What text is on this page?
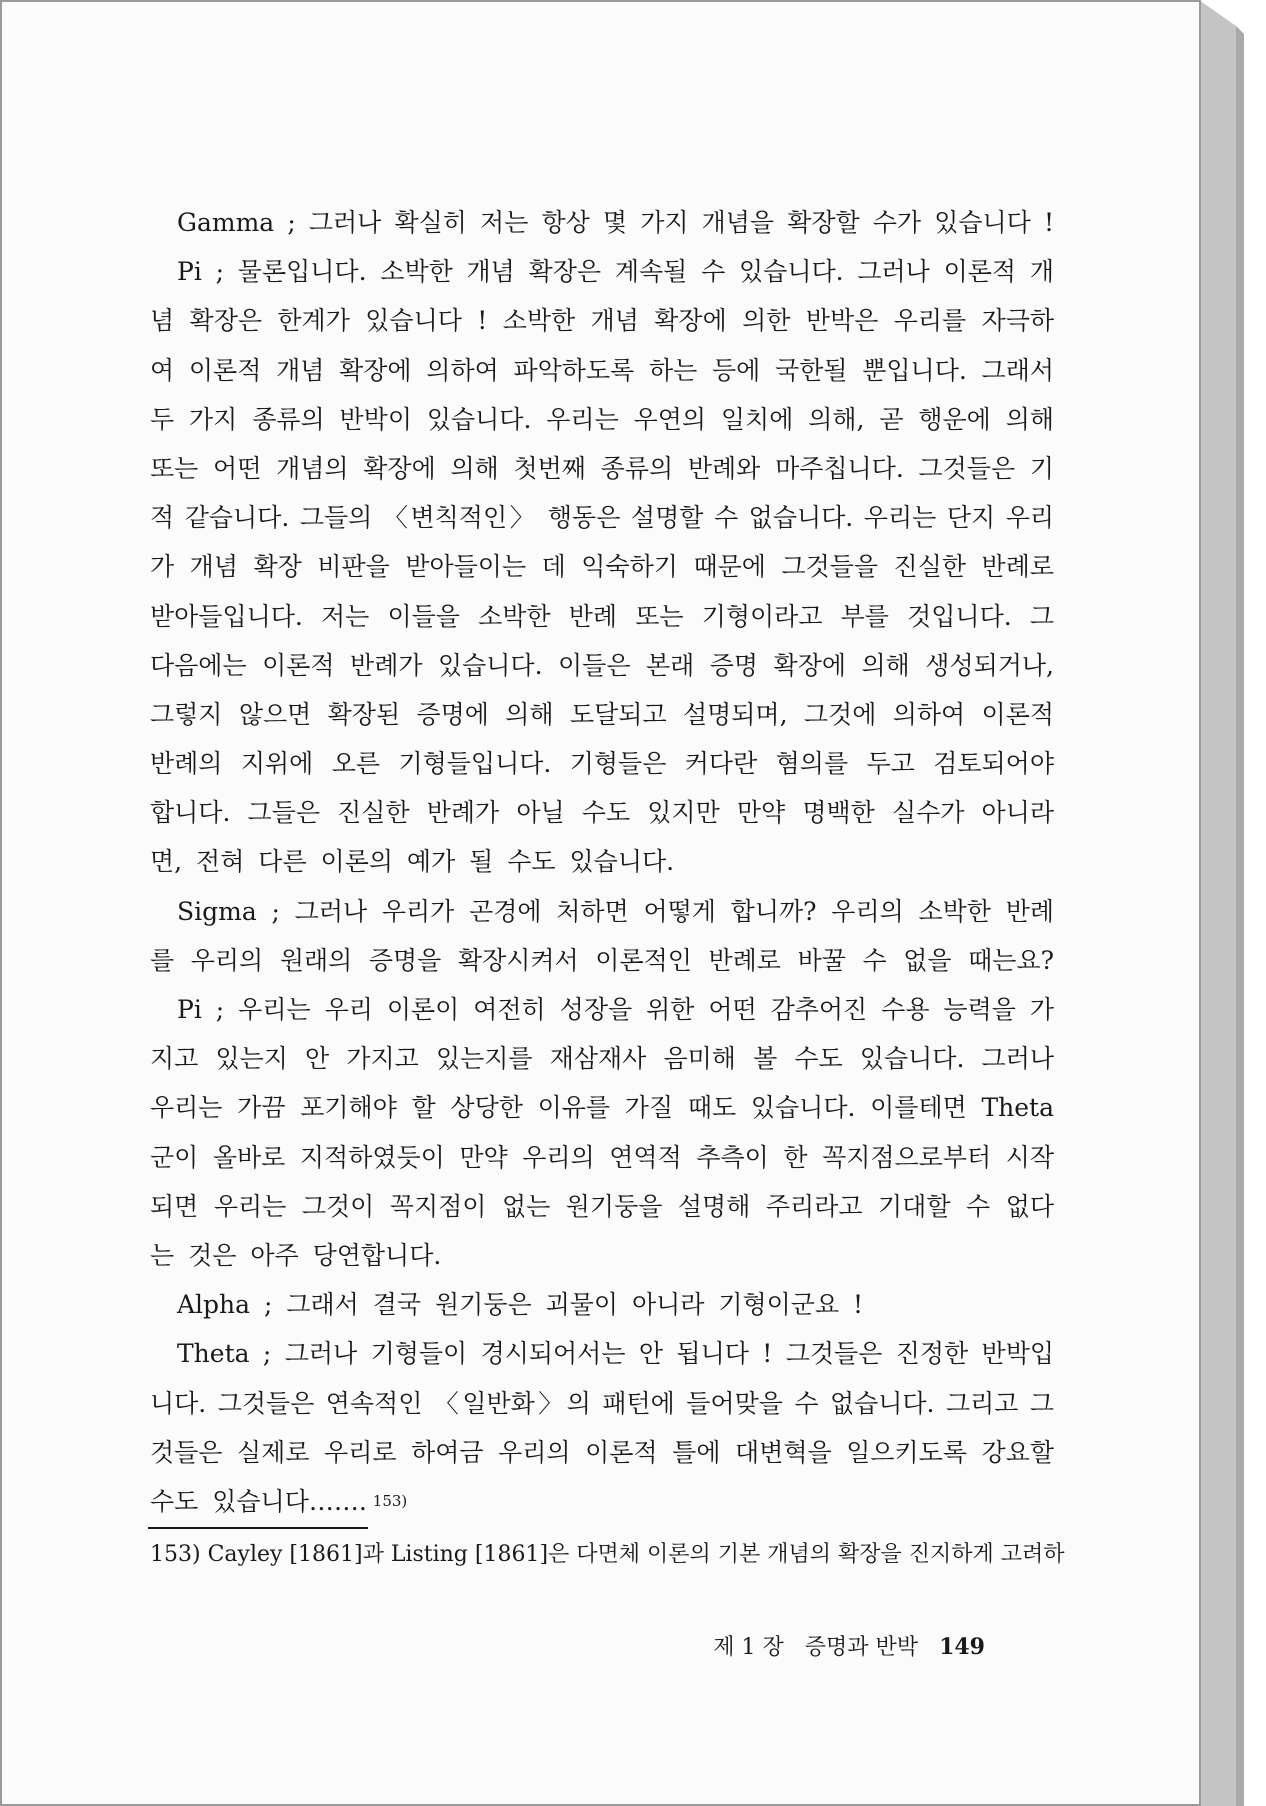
Gamma ; 그러나 확실히 저는 항상 몇 가지 개념을 확장할 수가 있습니다 !
Pi ; 물론입니다. 소박한 개념 확장은 계속될 수 있습니다. 그러나 이론적 개
념 확장은 한계가 있습니다 ! 소박한 개념 확장에 의한 반박은 우리를 자극하
여 이론적 개념 확장에 의하여 파악하도록 하는 등에 국한될 뿐입니다. 그래서
두 가지 종류의 반박이 있습니다. 우리는 우연의 일치에 의해, 곧 행운에 의해
또는 어떤 개념의 확장에 의해 첫번째 종류의 반례와 마주칩니다. 그것들은 기
적 같습니다. 그들의 〈변칙적인〉 행동은 설명할 수 없습니다. 우리는 단지 우리
가 개념 확장 비판을 받아들이는 데 익숙하기 때문에 그것들을 진실한 반례로
받아들입니다. 저는 이들을 소박한 반례 또는 기형이라고 부를 것입니다. 그
다음에는 이론적 반례가 있습니다. 이들은 본래 증명 확장에 의해 생성되거나,
그렇지 않으면 확장된 증명에 의해 도달되고 설명되며, 그것에 의하여 이론적
반례의 지위에 오른 기형들입니다. 기형들은 커다란 혐의를 두고 검토되어야
합니다. 그들은 진실한 반례가 아닐 수도 있지만 만약 명백한 실수가 아니라
면, 전혀 다른 이론의 예가 될 수도 있습니다.
Sigma ; 그러나 우리가 곤경에 처하면 어떻게 합니까? 우리의 소박한 반례
를 우리의 원래의 증명을 확장시켜서 이론적인 반례로 바꿀 수 없을 때는요?
Pi ; 우리는 우리 이론이 여전히 성장을 위한 어떤 감추어진 수용 능력을 가
지고 있는지 안 가지고 있는지를 재삼재사 음미해 볼 수도 있습니다. 그러나
우리는 가끔 포기해야 할 상당한 이유를 가질 때도 있습니다. 이를테면 Theta
군이 올바로 지적하였듯이 만약 우리의 연역적 추측이 한 꼭지점으로부터 시작
되면 우리는 그것이 꼭지점이 없는 원기둥을 설명해 주리라고 기대할 수 없다
는 것은 아주 당연합니다.
Alpha ; 그래서 결국 원기둥은 괴물이 아니라 기형이군요 !
Theta ; 그러나 기형들이 경시되어서는 안 됩니다 ! 그것들은 진정한 반박입
니다. 그것들은 연속적인 〈일반화〉의 패턴에 들어맞을 수 없습니다. 그리고 그
것들은 실제로 우리로 하여금 우리의 이론적 틀에 대변혁을 일으키도록 강요할
수도 있습니다……. 153)
153) Cayley [1861]과 Listing [1861]은 다면체 이론의 기본 개념의 확장을 진지하게 고려하
제 1 장 증명과 반박 149
